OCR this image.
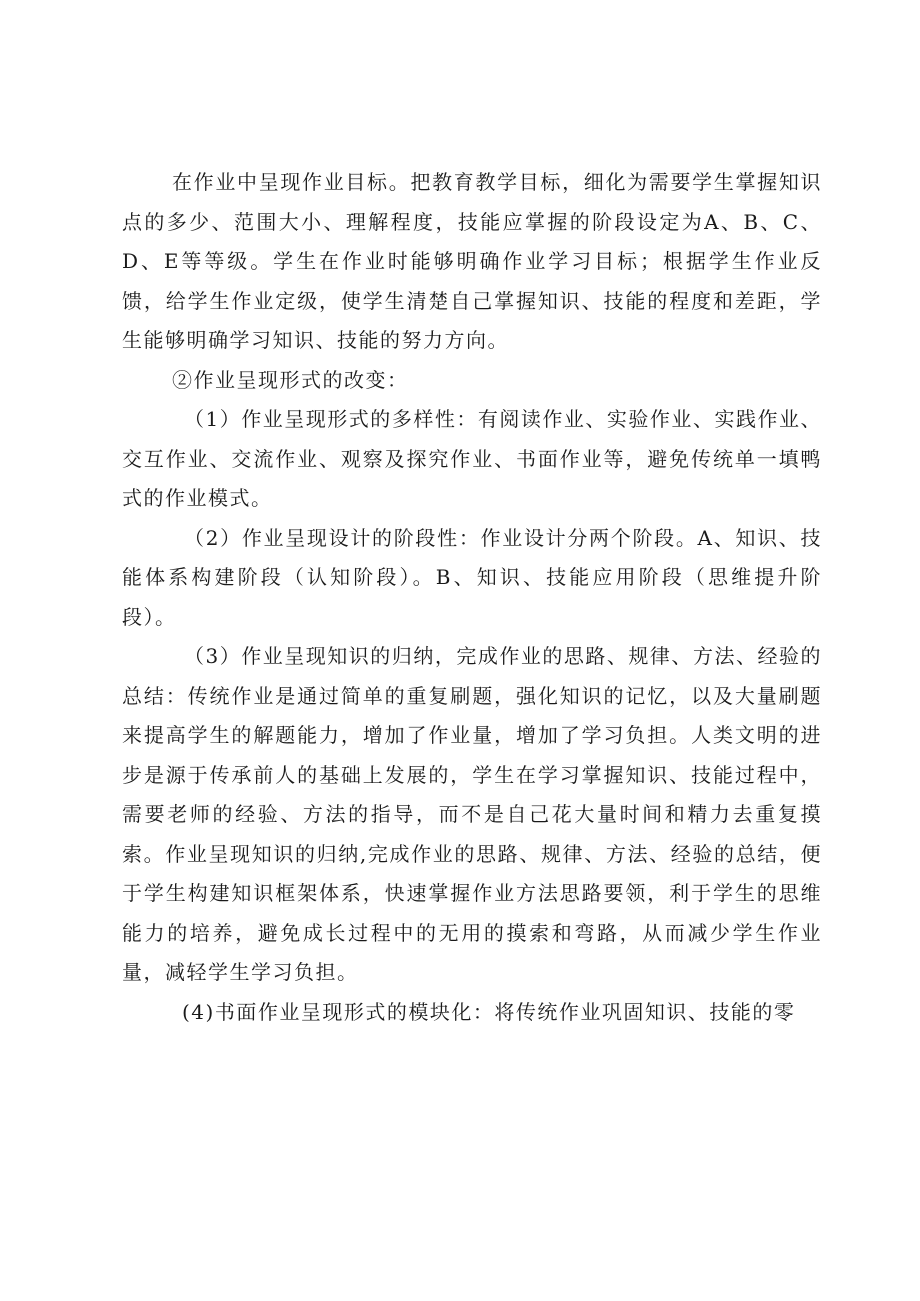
在作业中呈现作业目标。把教育教学目标，细化为需要学生掌握知识点的多少、范围大小、理解程度，技能应掌握的阶段设定为A、B、C、D、E等等级。学生在作业时能够明确作业学习目标；根据学生作业反馈，给学生作业定级，使学生清楚自己掌握知识、技能的程度和差距，学生能够明确学习知识、技能的努力方向。

②作业呈现形式的改变：

（1）作业呈现形式的多样性：有阅读作业、实验作业、实践作业、交互作业、交流作业、观察及探究作业、书面作业等，避免传统单一填鸭式的作业模式。

（2）作业呈现设计的阶段性：作业设计分两个阶段。A、知识、技能体系构建阶段（认知阶段）。B、知识、技能应用阶段（思维提升阶段）。

（3）作业呈现知识的归纳，完成作业的思路、规律、方法、经验的总结：传统作业是通过简单的重复刷题，强化知识的记忆，以及大量刷题来提高学生的解题能力，增加了作业量，增加了学习负担。人类文明的进步是源于传承前人的基础上发展的，学生在学习掌握知识、技能过程中，需要老师的经验、方法的指导，而不是自己花大量时间和精力去重复摸索。作业呈现知识的归纳,完成作业的思路、规律、方法、经验的总结，便于学生构建知识框架体系，快速掌握作业方法思路要领，利于学生的思维能力的培养，避免成长过程中的无用的摸索和弯路，从而减少学生作业量，减轻学生学习负担。

(4)书面作业呈现形式的模块化：将传统作业巩固知识、技能的零
